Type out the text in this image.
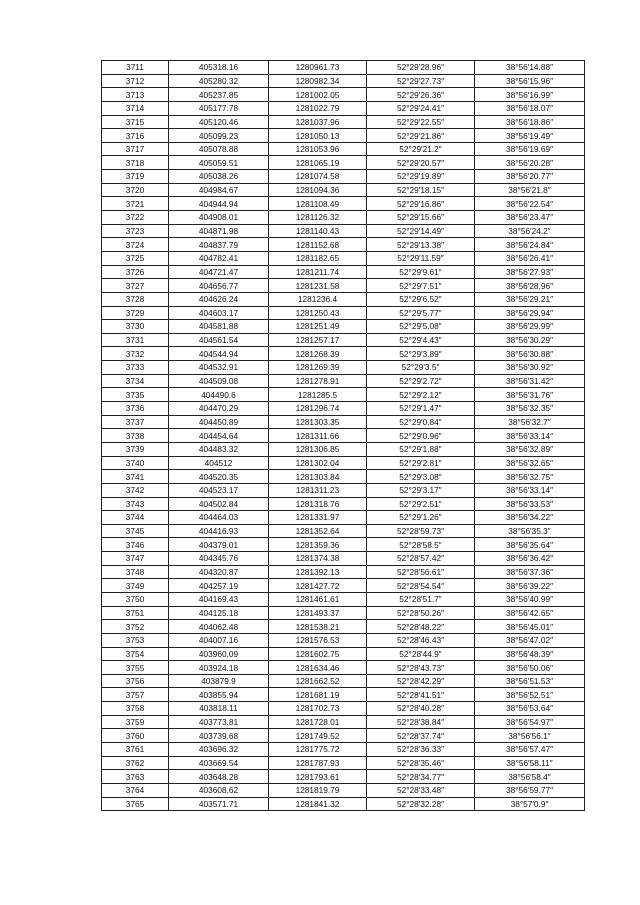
3711	405318.16	1280961.73	52°29′28.96″	38°56′14.88″
3712	405280.32	1280982.34	52°29′27.73″	38°56′15.96″
3713	405237.85	1281002.05	52°29′26.36″	38°56′16.99″
3714	405177.78	1281022.79	52°29′24.41″	38°56′18.07″
3715	405120.46	1281037.96	52°29′22.55″	38°56′18.86″
3716	405099.23	1281050.13	52°29′21.86″	38°56′19.49″
3717	405078.88	1281053.96	52°29′21.2″	38°56′19.69″
3718	405059.51	1281065.19	52°29′20.57″	38°56′20.28″
3719	405038.26	1281074.58	52°29′19.89″	38°56′20.77″
3720	404984.67	1281094.36	52°29′18.15″	38°56′21.8″
3721	404944.94	1281108.49	52°29′16.86″	38°56′22.54″
3722	404908.01	1281126.32	52°29′15.66″	38°56′23.47″
3723	404871.98	1281140.43	52°29′14.49″	38°56′24.2″
3724	404837.79	1281152.68	52°29′13.38″	38°56′24.84″
3725	404782.41	1281182.65	52°29′11.59″	38°56′26.41″
3726	404721.47	1281211.74	52°29′9.61″	38°56′27.93″
3727	404656.77	1281231.58	52°29′7.51″	38°56′28.96″
3728	404626.24	1281236.4	52°29′6.52″	38°56′29.21″
3729	404603.17	1281250.43	52°29′5.77″	38°56′29.94″
3730	404581.88	1281251.49	52°29′5.08″	38°56′29.99″
3731	404561.54	1281257.17	52°29′4.43″	38°56′30.29″
3732	404544.94	1281268.39	52°29′3.89″	38°56′30.88″
3733	404532.91	1281269.39	52°29′3.5″	38°56′30.92″
3734	404509.08	1281278.91	52°29′2.72″	38°56′31.42″
3735	404490.6	1281285.5	52°29′2.12″	38°56′31.76″
3736	404470.29	1281296.74	52°29′1.47″	38°56′32.35″
3737	404450.89	1281303.35	52°29′0.84″	38°56′32.7″
3738	404454.64	1281311.66	52°29′0.96″	38°56′33.14″
3739	404483.32	1281306.85	52°29′1.88″	38°56′32.89″
3740	404512	1281302.04	52°29′2.81″	38°56′32.65″
3741	404520.35	1281303.84	52°29′3.08″	38°56′32.75″
3742	404523.17	1281311.23	52°29′3.17″	38°56′33.14″
3743	404502.84	1281318.76	52°29′2.51″	38°56′33.53″
3744	404464.03	1281331.97	52°29′1.26″	38°56′34.22″
3745	404416.93	1281352.64	52°28′59.73″	38°56′35.3″
3746	404379.01	1281359.36	52°28′58.5″	38°56′35.64″
3747	404345.76	1281374.38	52°28′57.42″	38°56′36.42″
3748	404320.87	1281392.13	52°28′56.61″	38°56′37.36″
3749	404257.19	1281427.72	52°28′54.54″	38°56′39.22″
3750	404169.43	1281461.61	52°28′51.7″	38°56′40.99″
3751	404125.18	1281493.37	52°28′50.26″	38°56′42.65″
3752	404062.48	1281538.21	52°28′48.22″	38°56′45.01″
3753	404007.16	1281576.53	52°28′46.43″	38°56′47.02″
3754	403960.09	1281602.75	52°28′44.9″	38°56′48.39″
3755	403924.18	1281634.46	52°28′43.73″	38°56′50.06″
3756	403879.9	1281662.52	52°28′42.29″	38°56′51.53″
3757	403855.94	1281681.19	52°28′41.51″	38°56′52.51″
3758	403818.11	1281702.73	52°28′40.28″	38°56′53.64″
3759	403773.81	1281728.01	52°28′38.84″	38°56′54.97″
3760	403739.68	1281749.52	52°28′37.74″	38°56′56.1″
3761	403696.32	1281775.72	52°28′36.33″	38°56′57.47″
3762	403669.54	1281787.93	52°28′35.46″	38°56′58.11″
3763	403648.28	1281793.61	52°28′34.77″	38°56′58.4″
3764	403608.62	1281819.79	52°28′33.48″	38°56′59.77″
3765	403571.71	1281841.32	52°28′32.28″	38°57′0.9″
